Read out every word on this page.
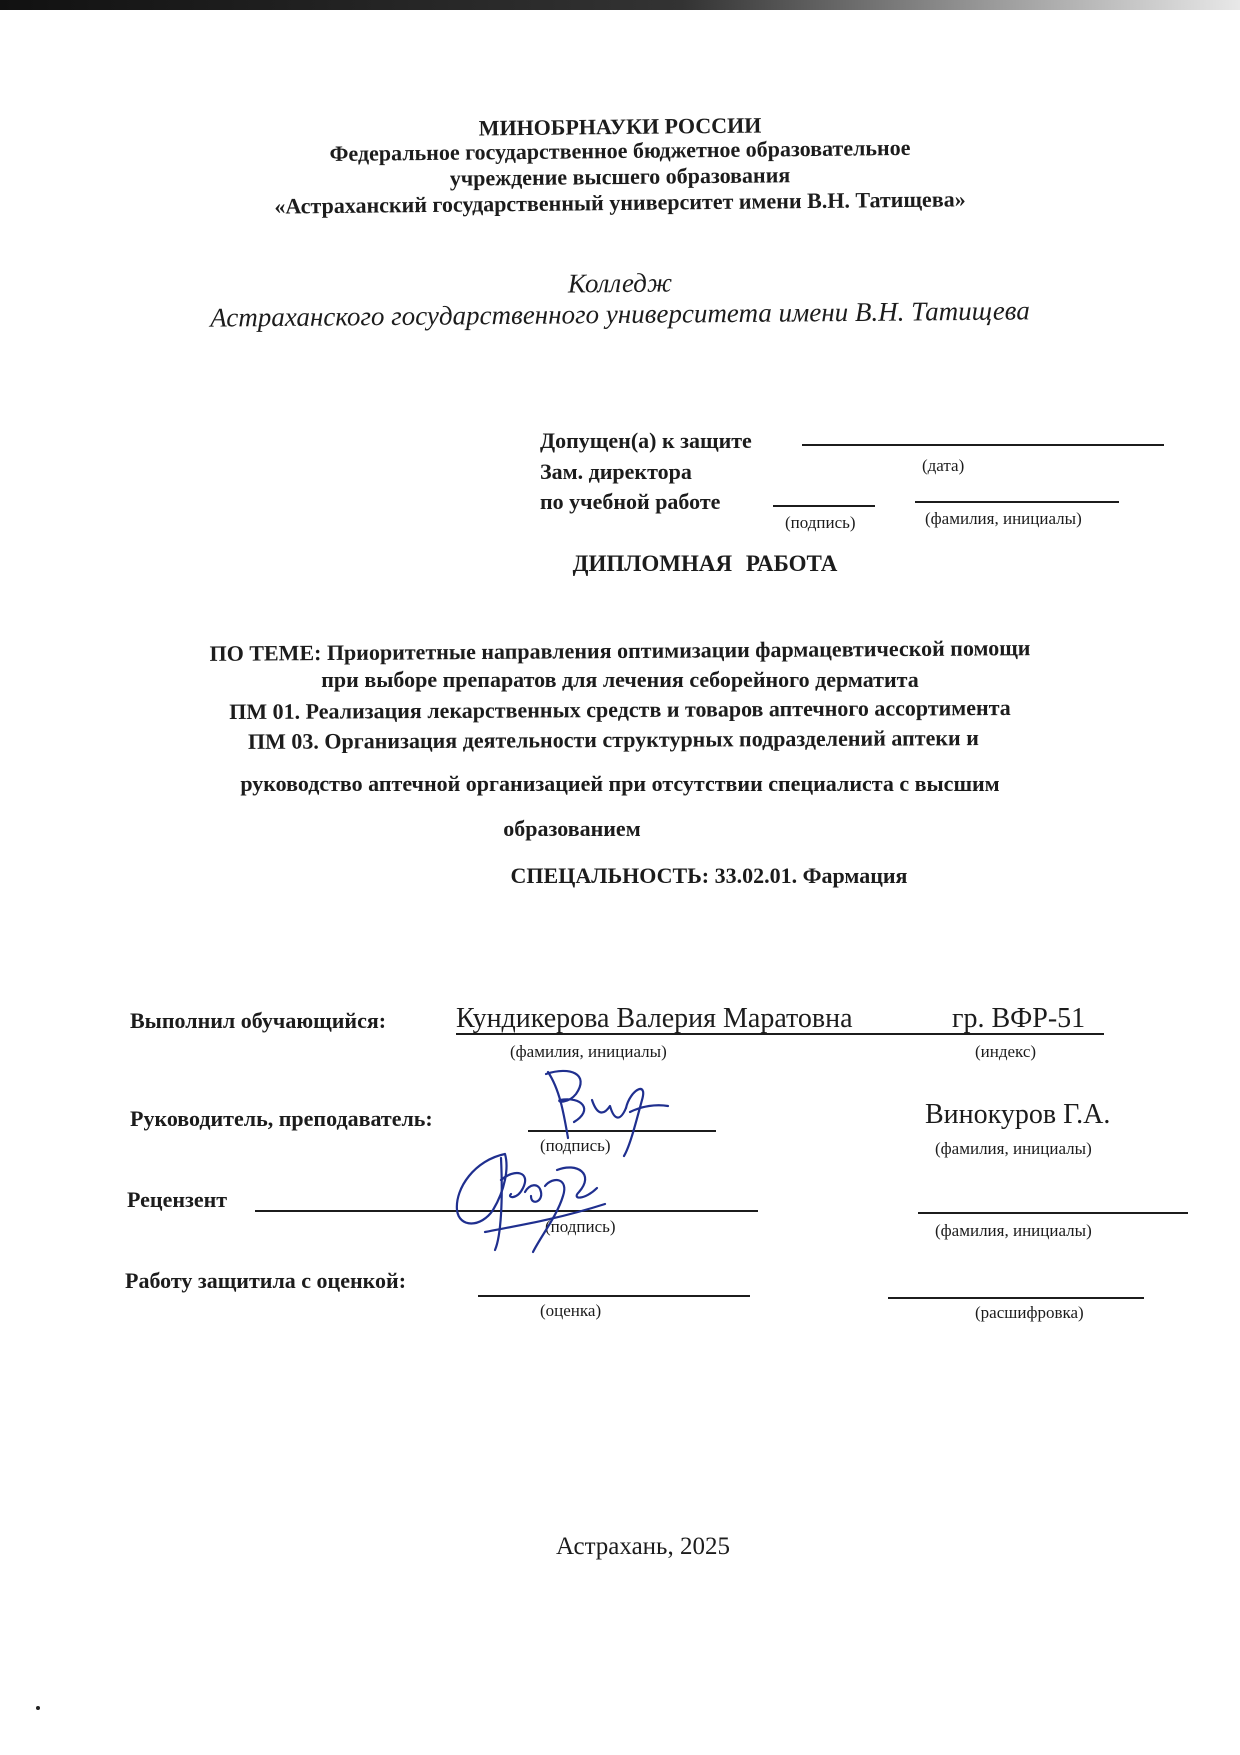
МИНОБРНАУКИ РОССИИ
Федеральное государственное бюджетное образовательное
учреждение высшего образования
«Астраханский государственный университет имени В.Н. Татищева»
Колледж
Астраханского государственного университета имени В.Н. Татищева
Допущен(а) к защите
(дата)
Зам. директора
по учебной работе
(подпись)	(фамилия, инициалы)
ДИПЛОМНАЯ РАБОТА
ПО ТЕМЕ: Приоритетные направления оптимизации фармацевтической помощи
при выборе препаратов для лечения себорейного дерматита
ПМ 01. Реализация лекарственных средств и товаров аптечного ассортимента
ПМ 03. Организация деятельности структурных подразделений аптеки и
руководство аптечной организацией при отсутствии специалиста с высшим
образованием
СПЕЦАЛЬНОСТЬ: 33.02.01. Фармация
Выполнил обучающийся: Кундикерова Валерия Маратовна	гр. ВФР-51
(фамилия, инициалы)	(индекс)
Руководитель, преподаватель:
(подпись)
Винокуров Г.А.
(фамилия, инициалы)
Рецензент
(подпись)	(фамилия, инициалы)
Работу защитила с оценкой:
(оценка)	(расшифровка)
Астрахань, 2025
